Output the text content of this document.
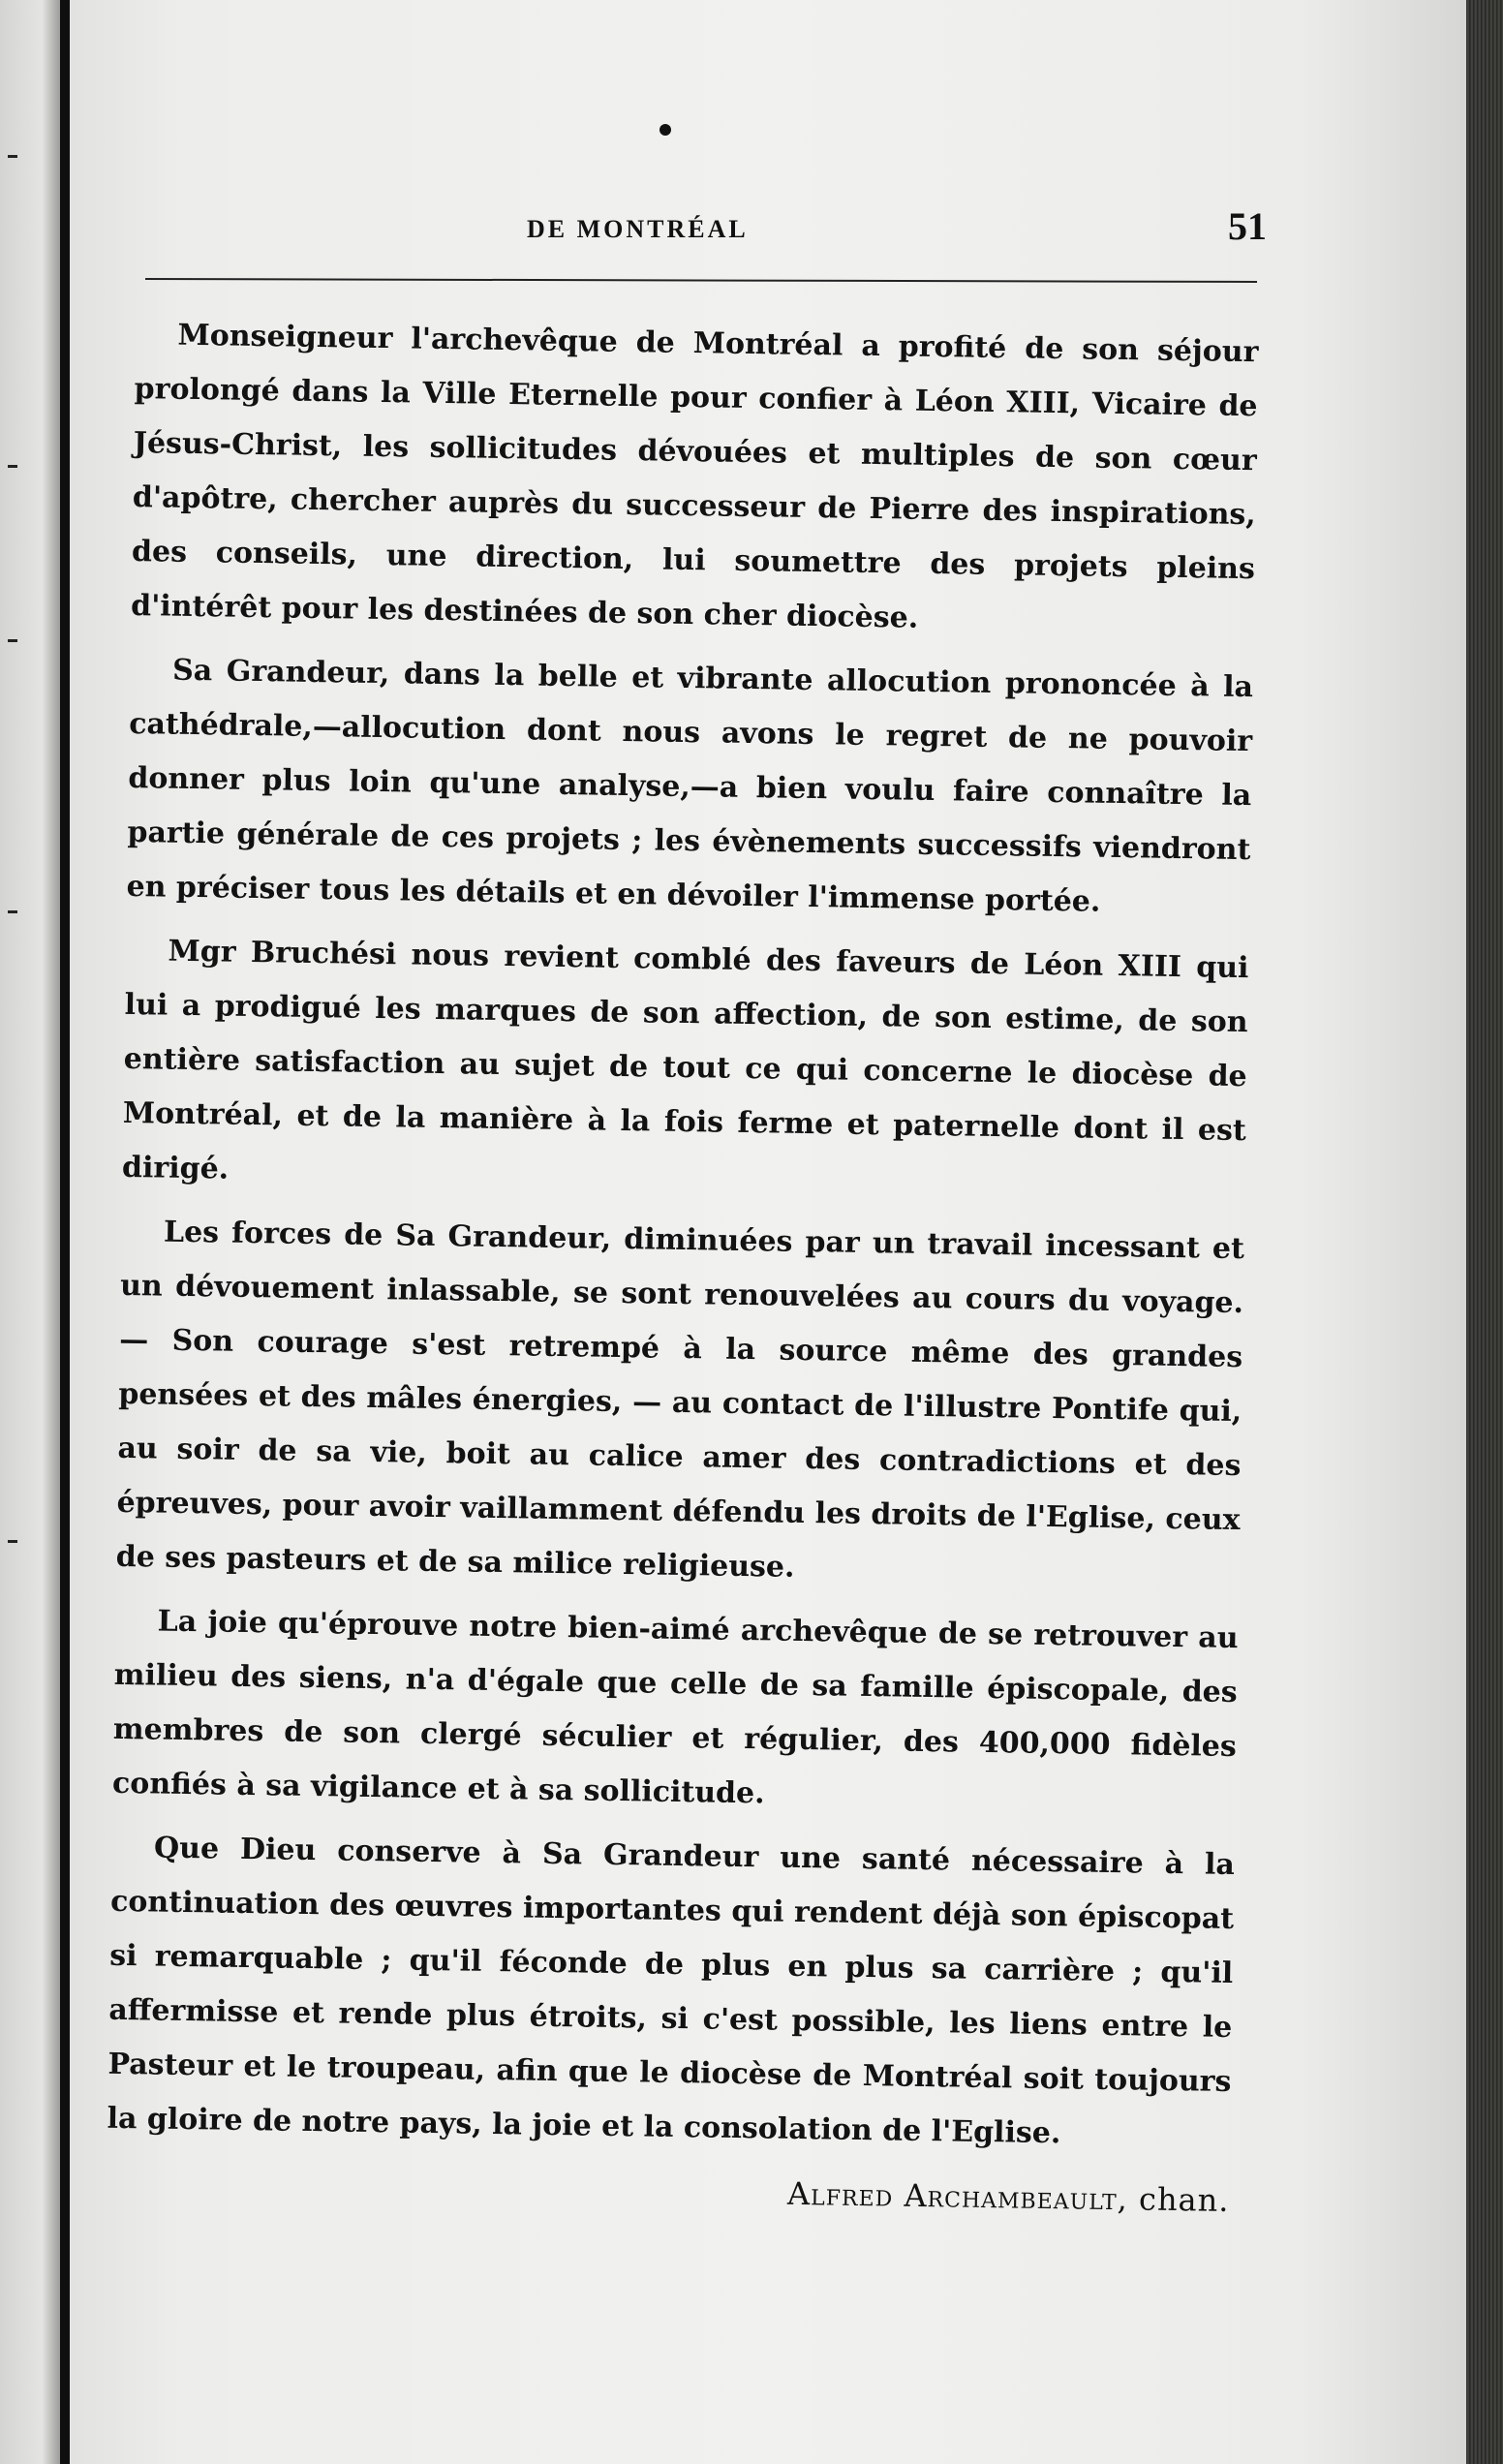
DE MONTRÉAL	51

Monseigneur l'archevêque de Montréal a profité de son séjour prolongé dans la Ville Eternelle pour confier à Léon XIII, Vicaire de Jésus-Christ, les sollicitudes dévouées et multiples de son cœur d'apôtre, chercher auprès du successeur de Pierre des inspirations, des conseils, une direction, lui soumettre des projets pleins d'intérêt pour les destinées de son cher diocèse.

Sa Grandeur, dans la belle et vibrante allocution prononcée à la cathédrale,—allocution dont nous avons le regret de ne pouvoir donner plus loin qu'une analyse,—a bien voulu faire connaître la partie générale de ces projets ; les évènements successifs viendront en préciser tous les détails et en dévoiler l'immense portée.

Mgr Bruchési nous revient comblé des faveurs de Léon XIII qui lui a prodigué les marques de son affection, de son estime, de son entière satisfaction au sujet de tout ce qui concerne le diocèse de Montréal, et de la manière à la fois ferme et paternelle dont il est dirigé.

Les forces de Sa Grandeur, diminuées par un travail incessant et un dévouement inlassable, se sont renouvelées au cours du voyage.— Son courage s'est retrempé à la source même des grandes pensées et des mâles énergies, — au contact de l'illustre Pontife qui, au soir de sa vie, boit au calice amer des contradictions et des épreuves, pour avoir vaillamment défendu les droits de l'Eglise, ceux de ses pasteurs et de sa milice religieuse.

La joie qu'éprouve notre bien-aimé archevêque de se retrouver au milieu des siens, n'a d'égale que celle de sa famille épiscopale, des membres de son clergé séculier et régulier, des 400,000 fidèles confiés à sa vigilance et à sa sollicitude.

Que Dieu conserve à Sa Grandeur une santé nécessaire à la continuation des œuvres importantes qui rendent déjà son épiscopat si remarquable ; qu'il féconde de plus en plus sa carrière ; qu'il affermisse et rende plus étroits, si c'est possible, les liens entre le Pasteur et le troupeau, afin que le diocèse de Montréal soit toujours la gloire de notre pays, la joie et la consolation de l'Eglise.

Alfred Archambeault, chan.
